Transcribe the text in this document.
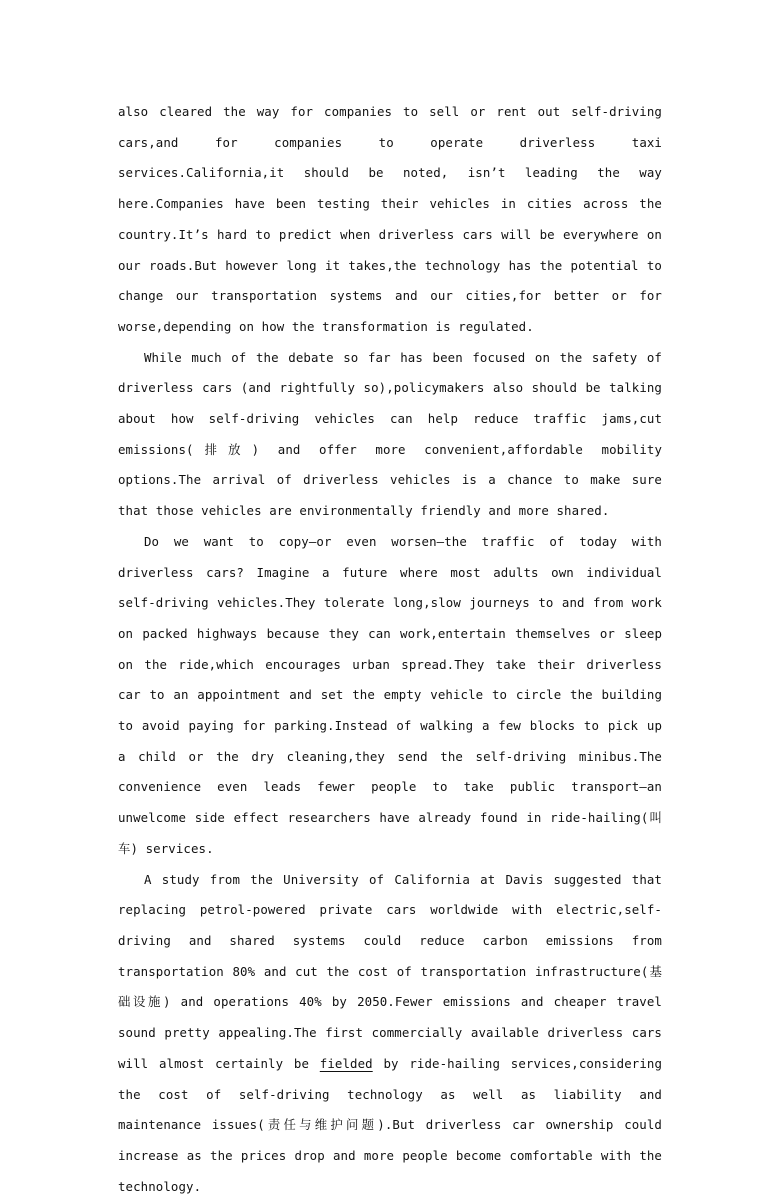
also cleared the way for companies to sell or rent out self-driving cars,and for companies to operate driverless taxi services.California,it should be noted, isn’t leading the way here.Companies have been testing their vehicles in cities across the country.It’s hard to predict when driverless cars will be everywhere on our roads.But however long it takes,the technology has the potential to change our transportation systems and our cities,for better or for worse,depending on how the transformation is regulated.

While much of the debate so far has been focused on the safety of driverless cars (and rightfully so),policymakers also should be talking about how self-driving vehicles can help reduce traffic jams,cut emissions(排放) and offer more convenient,affordable mobility options.The arrival of driverless vehicles is a chance to make sure that those vehicles are environmentally friendly and more shared.

Do we want to copy—or even worsen—the traffic of today with driverless cars? Imagine a future where most adults own individual self-driving vehicles.They tolerate long,slow journeys to and from work on packed highways because they can work,entertain themselves or sleep on the ride,which encourages urban spread.They take their driverless car to an appointment and set the empty vehicle to circle the building to avoid paying for parking.Instead of walking a few blocks to pick up a child or the dry cleaning,they send the self-driving minibus.The convenience even leads fewer people to take public transport—an unwelcome side effect researchers have already found in ride-hailing(叫车) services.

A study from the University of California at Davis suggested that replacing petrol-powered private cars worldwide with electric,self-driving and shared systems could reduce carbon emissions from transportation 80% and cut the cost of transportation infrastructure(基础设施) and operations 40% by 2050.Fewer emissions and cheaper travel sound pretty appealing.The first commercially available driverless cars will almost certainly be fielded by ride-hailing services,considering the cost of self-driving technology as well as liability and maintenance issues(责任与维护问题).But driverless car ownership could increase as the prices drop and more people become comfortable with the technology.
